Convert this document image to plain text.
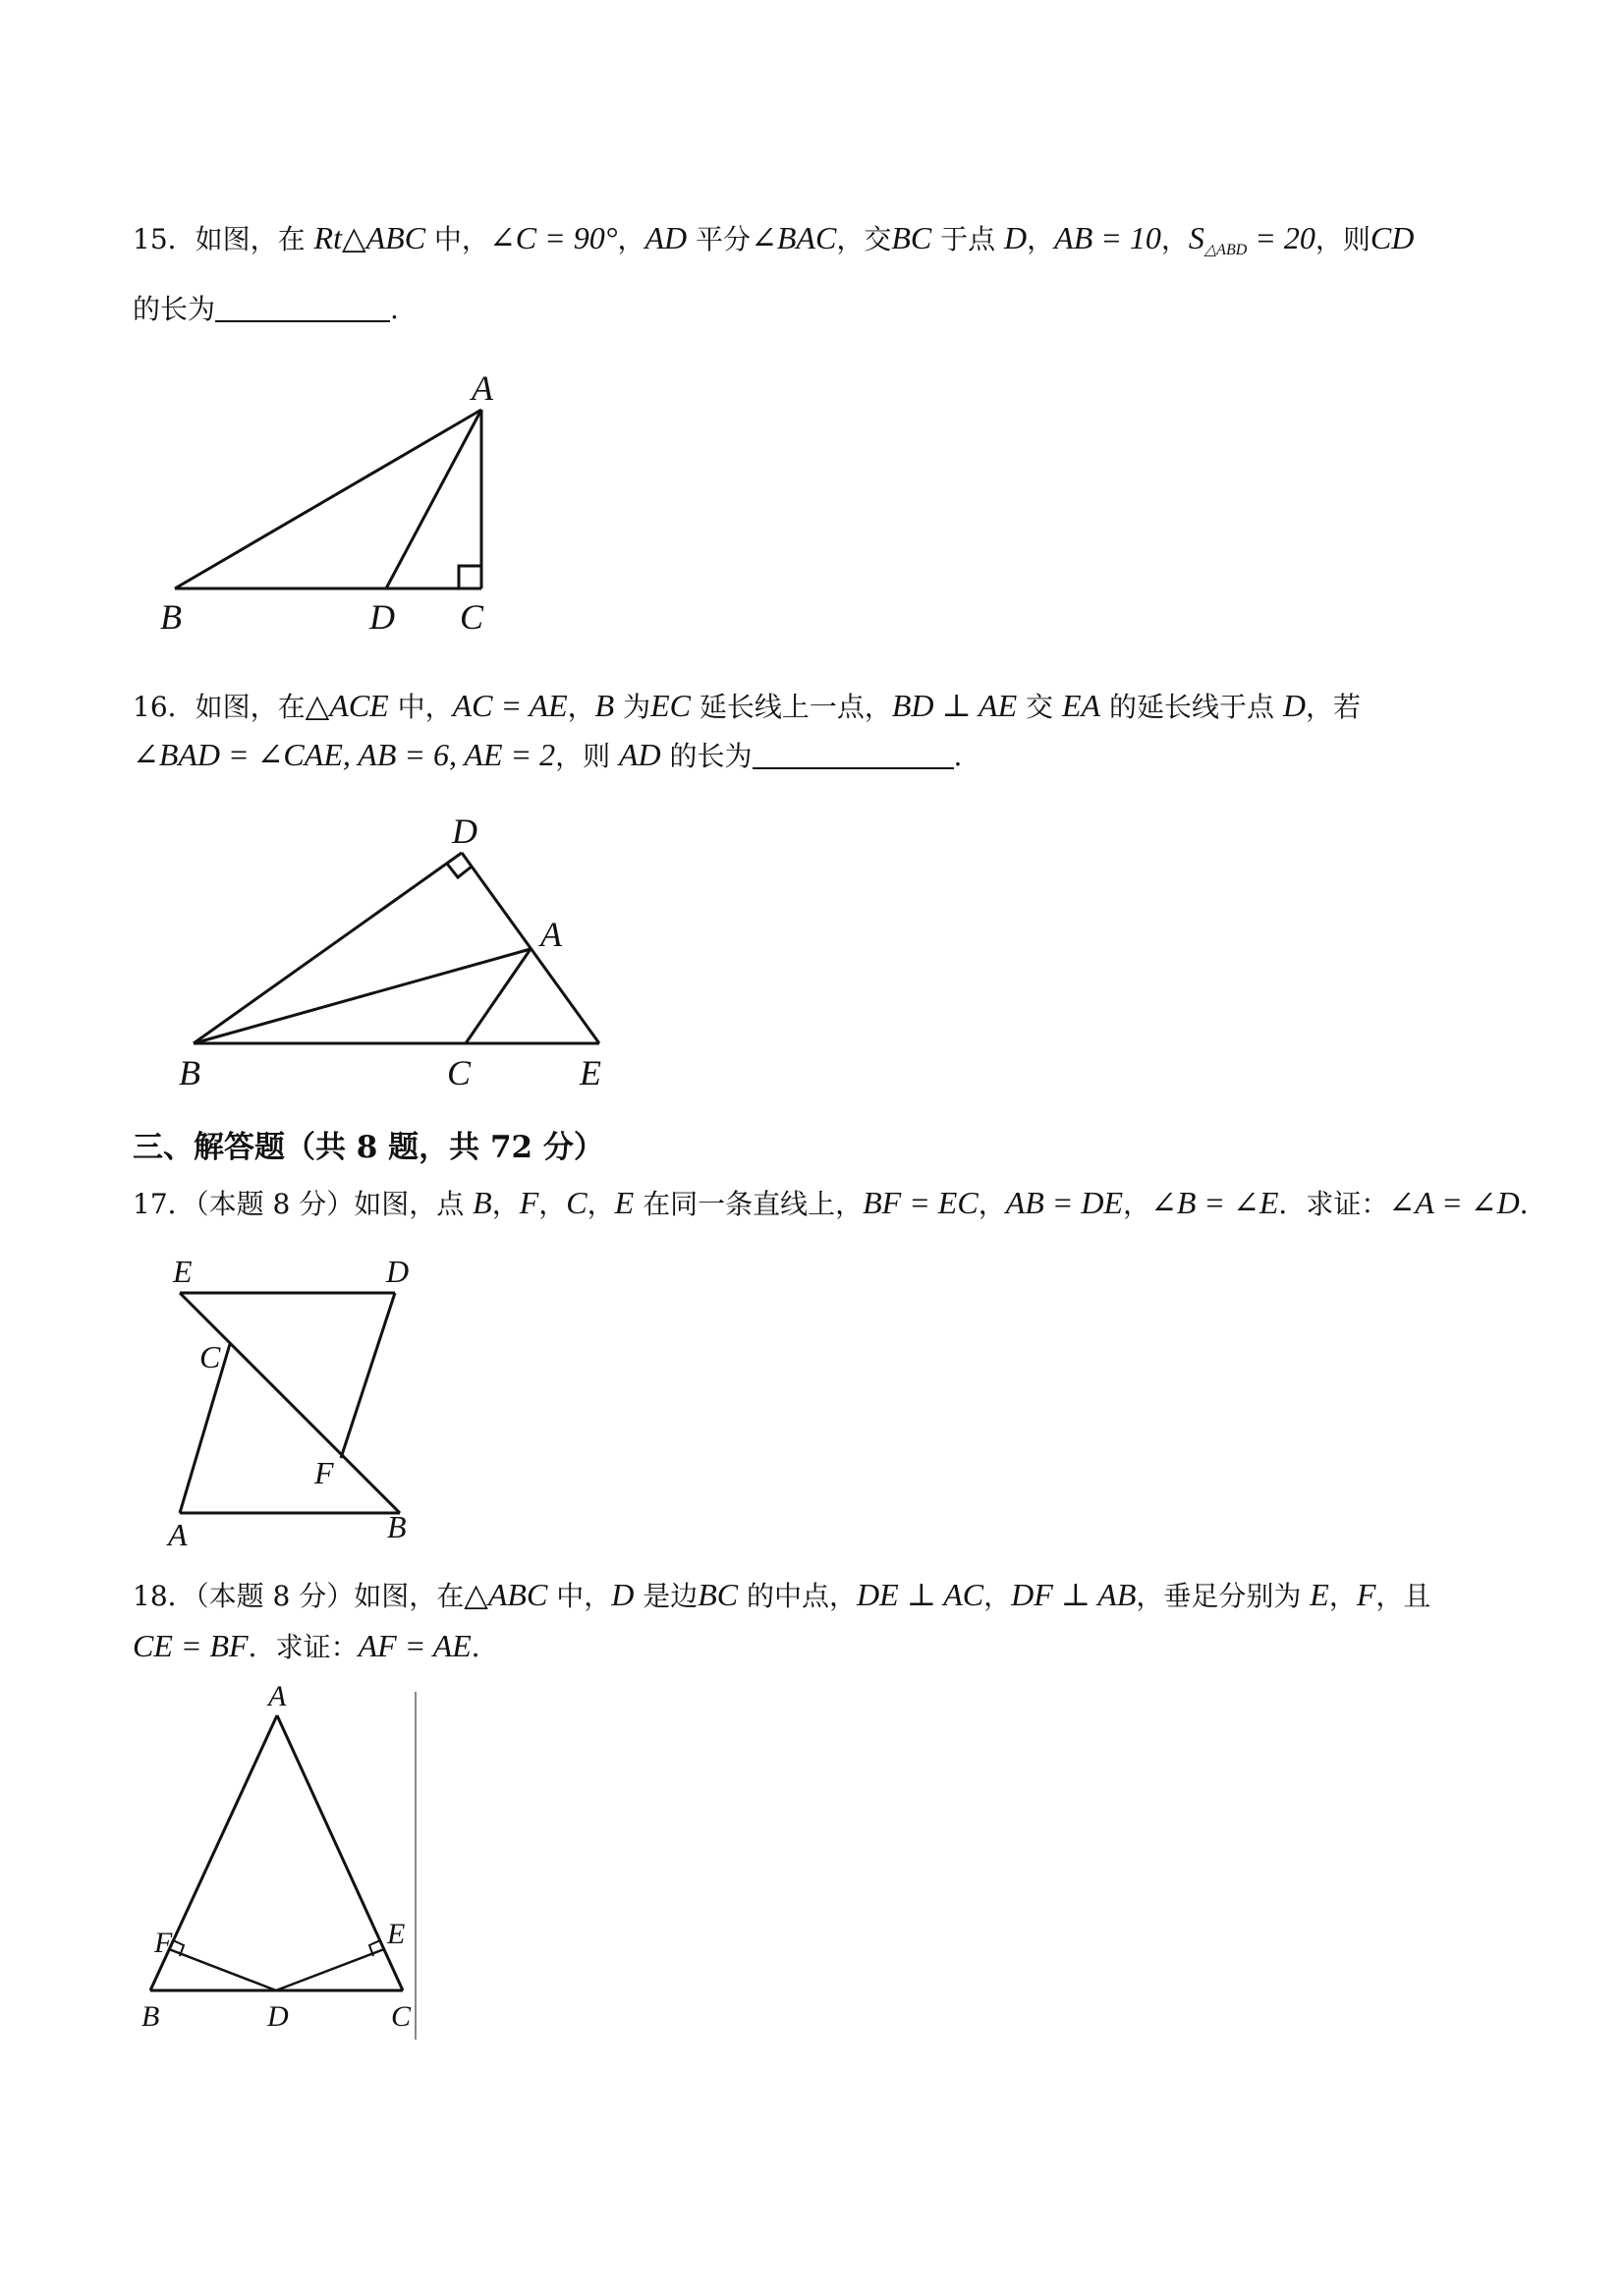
15．如图，在 Rt△ABC 中，∠C = 90°，AD 平分∠BAC，交BC 于点 D，AB = 10，$S_{\triangle ABD} = 20$，则CD
的长为	.
A
B	D C
16．如图，在△ACE 中，AC = AE，B 为EC 延长线上一点，BD ⊥ AE 交 EA 的延长线于点 D，若
∠BAD = ∠CAE, AB = 6, AE = 2，则 AD 的长为	.
D
A
B	C	E
三、解答题（共 8 题，共 72 分）
17．（本题 8 分）如图，点 B，F，C，E 在同一条直线上，BF = EC，AB = DE，∠B = ∠E．求证：∠A = ∠D．
E	D
C
F
A	B
18．（本题 8 分）如图，在△ABC 中，D 是边BC 的中点，DE ⊥ AC，DF ⊥ AB，垂足分别为 E，F，且
CE = BF．求证：AF = AE．
A
F	E
B	D	C
